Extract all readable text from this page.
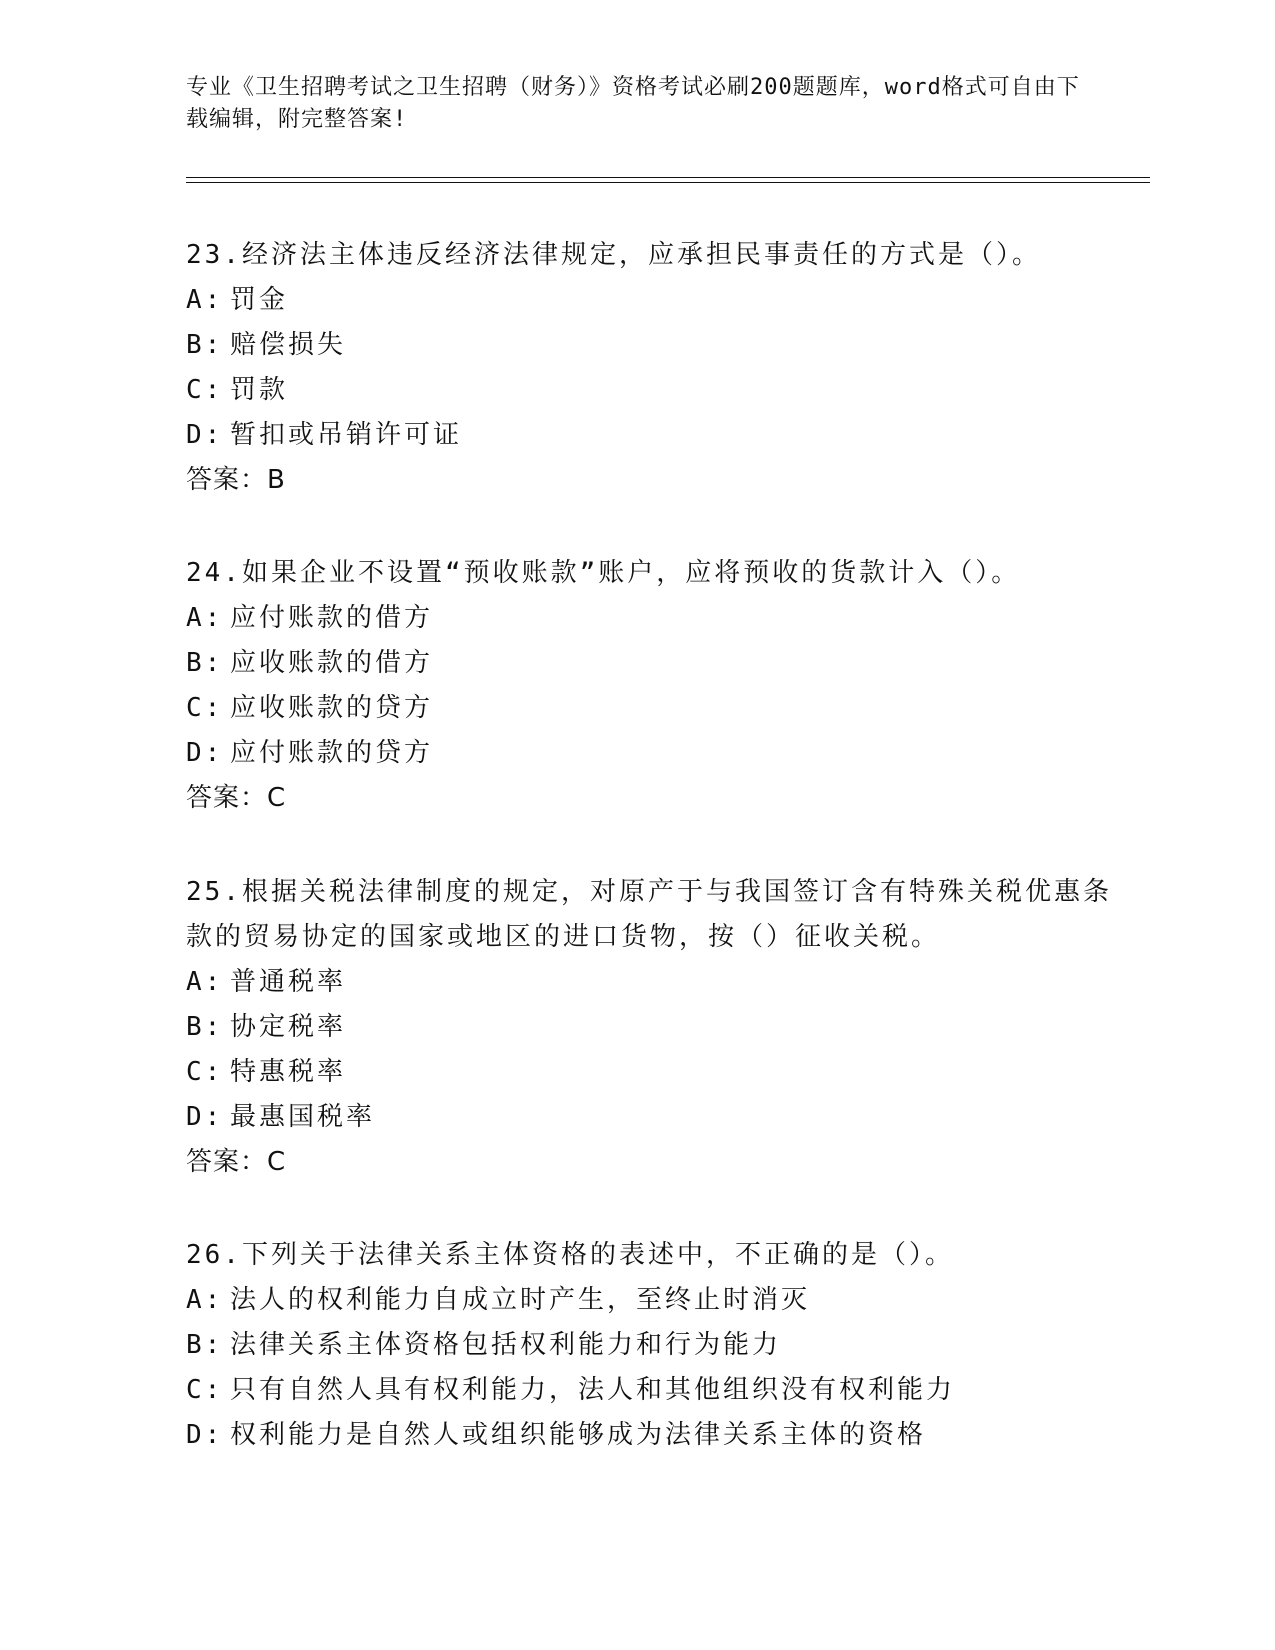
专业《卫生招聘考试之卫生招聘（财务）》资格考试必刷200题题库，word格式可自由下载编辑，附完整答案!
23.经济法主体违反经济法律规定，应承担民事责任的方式是（）。
A: 罚金
B: 赔偿损失
C: 罚款
D: 暂扣或吊销许可证
答案：B
24.如果企业不设置“预收账款”账户，应将预收的货款计入（）。
A: 应付账款的借方
B: 应收账款的借方
C: 应收账款的贷方
D: 应付账款的贷方
答案：C
25.根据关税法律制度的规定，对原产于与我国签订含有特殊关税优惠条款的贸易协定的国家或地区的进口货物，按（）征收关税。
A: 普通税率
B: 协定税率
C: 特惠税率
D: 最惠国税率
答案：C
26.下列关于法律关系主体资格的表述中，不正确的是（）。
A: 法人的权利能力自成立时产生，至终止时消灭
B: 法律关系主体资格包括权利能力和行为能力
C: 只有自然人具有权利能力，法人和其他组织没有权利能力
D: 权利能力是自然人或组织能够成为法律关系主体的资格
